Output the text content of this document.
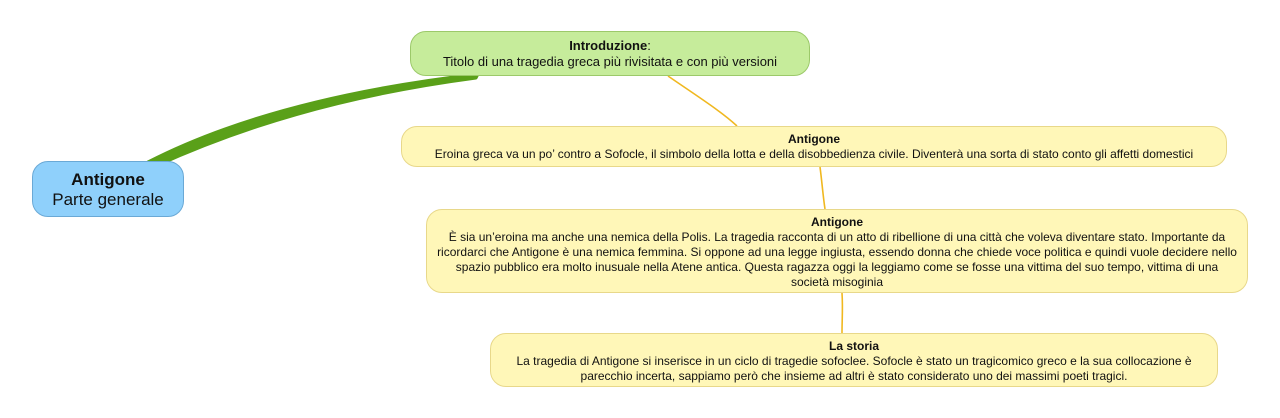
Antigone
Parte generale
Introduzione:
Titolo di una tragedia greca più rivisitata e con più versioni
Antigone
Eroina greca va un po’ contro a Sofocle, il simbolo della lotta e della disobbedienza civile. Diventerà una sorta di stato conto gli affetti domestici
Antigone
È sia un’eroina ma anche una nemica della Polis. La tragedia racconta di un atto di ribellione di una città che voleva diventare stato. Importante da ricordarci che Antigone è una nemica femmina. Si oppone ad una legge ingiusta, essendo donna che chiede voce politica e quindi vuole decidere nello spazio pubblico era molto inusuale nella Atene antica. Questa ragazza oggi la leggiamo come se fosse una vittima del suo tempo, vittima di una società misoginia
La storia
La tragedia di Antigone si inserisce in un ciclo di tragedie sofoclee. Sofocle è stato un tragicomico greco e la sua collocazione è parecchio incerta, sappiamo però che insieme ad altri è stato considerato uno dei massimi poeti tragici.
